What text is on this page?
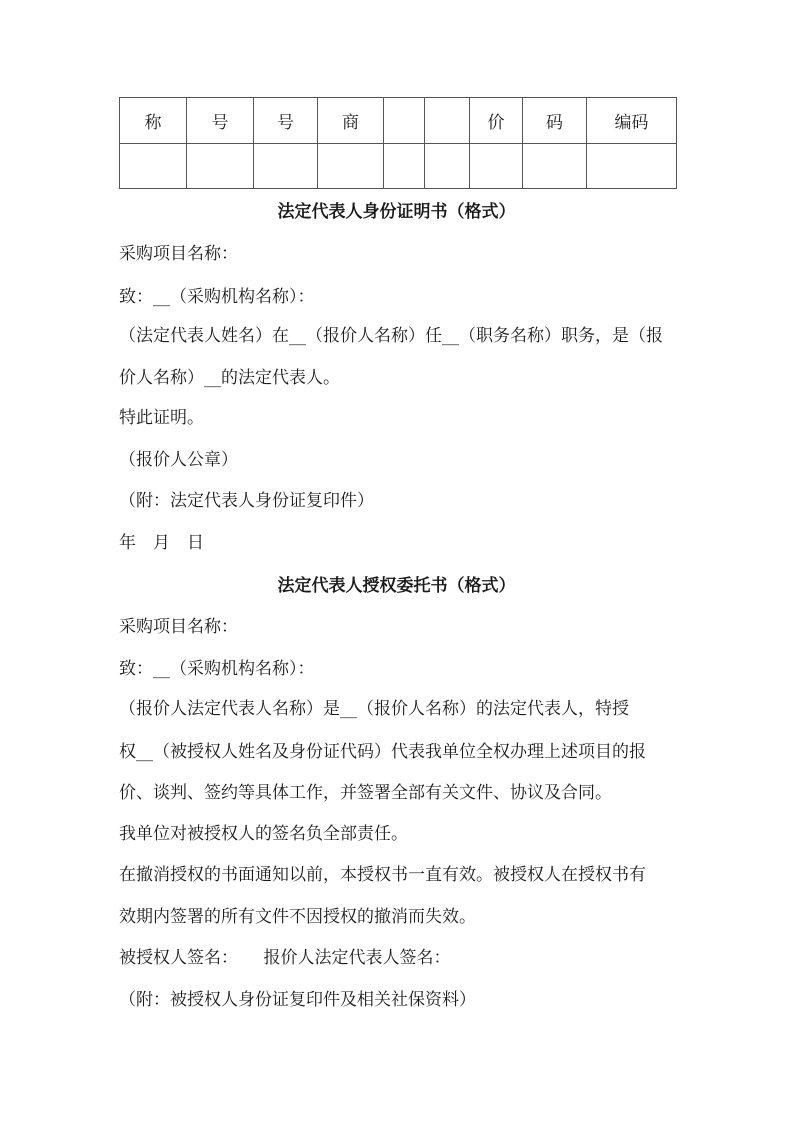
称	号	号	商			价	码	编码

法定代表人身份证明书（格式）
采购项目名称：
致：__（采购机构名称）：
（法定代表人姓名）在__（报价人名称）任__（职务名称）职务，是（报
价人名称）__的法定代表人。
特此证明。
（报价人公章）
（附：法定代表人身份证复印件）
年　月　日
法定代表人授权委托书（格式）
采购项目名称：
致：__（采购机构名称）：
（报价人法定代表人名称）是__（报价人名称）的法定代表人，特授
权__（被授权人姓名及身份证代码）代表我单位全权办理上述项目的报
价、谈判、签约等具体工作，并签署全部有关文件、协议及合同。
我单位对被授权人的签名负全部责任。
在撤消授权的书面通知以前，本授权书一直有效。被授权人在授权书有
效期内签署的所有文件不因授权的撤消而失效。
被授权人签名：　　报价人法定代表人签名：
（附：被授权人身份证复印件及相关社保资料）
